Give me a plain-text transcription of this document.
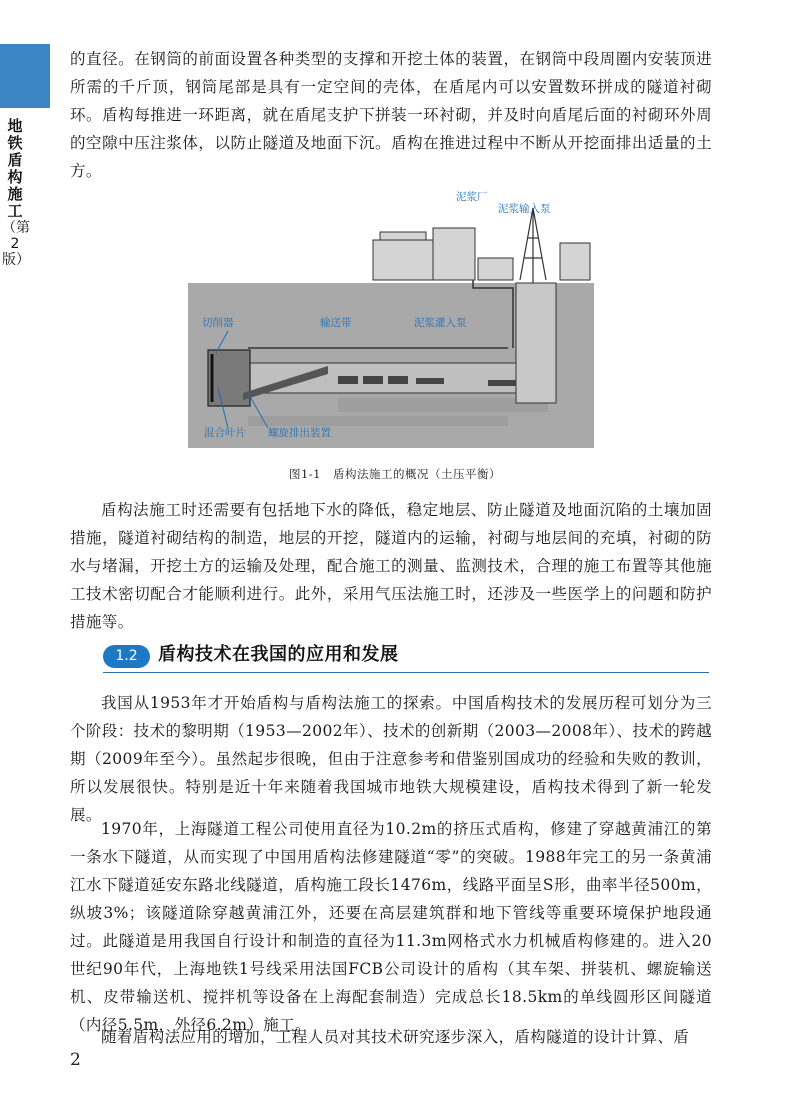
地铁盾构施工
（第2版）

的直径。在钢筒的前面设置各种类型的支撑和开挖土体的装置，在钢筒中段周圈内安装顶进所需的千斤顶，钢筒尾部是具有一定空间的壳体，在盾尾内可以安置数环拼成的隧道衬砌环。盾构每推进一环距离，就在盾尾支护下拼装一环衬砌，并及时向盾尾后面的衬砌环外周的空隙中压注浆体，以防止隧道及地面下沉。盾构在推进过程中不断从开挖面排出适量的土方。

泥浆厂
泥浆输入泵
切削器	输送带	泥浆灌入泵
混合叶片 螺旋排出装置
图1-1　盾构法施工的概况（土压平衡）

盾构法施工时还需要有包括地下水的降低，稳定地层、防止隧道及地面沉陷的土壤加固措施，隧道衬砌结构的制造，地层的开挖，隧道内的运输，衬砌与地层间的充填，衬砌的防水与堵漏，开挖土方的运输及处理，配合施工的测量、监测技术，合理的施工布置等其他施工技术密切配合才能顺利进行。此外，采用气压法施工时，还涉及一些医学上的问题和防护措施等。

1.2	盾构技术在我国的应用和发展

我国从1953年才开始盾构与盾构法施工的探索。中国盾构技术的发展历程可划分为三个阶段：技术的黎明期（1953—2002年）、技术的创新期（2003—2008年）、技术的跨越期（2009年至今）。虽然起步很晚，但由于注意参考和借鉴别国成功的经验和失败的教训，所以发展很快。特别是近十年来随着我国城市地铁大规模建设，盾构技术得到了新一轮发展。

1970年，上海隧道工程公司使用直径为10.2m的挤压式盾构，修建了穿越黄浦江的第一条水下隧道，从而实现了中国用盾构法修建隧道“零”的突破。1988年完工的另一条黄浦江水下隧道延安东路北线隧道，盾构施工段长1476m，线路平面呈S形，曲率半径500m，纵坡3%；该隧道除穿越黄浦江外，还要在高层建筑群和地下管线等重要环境保护地段通过。此隧道是用我国自行设计和制造的直径为11.3m网格式水力机械盾构修建的。进入20世纪90年代，上海地铁1号线采用法国FCB公司设计的盾构（其车架、拼装机、螺旋输送机、皮带输送机、搅拌机等设备在上海配套制造）完成总长18.5km的单线圆形区间隧道（内径5.5m，外径6.2m）施工。

随着盾构法应用的增加，工程人员对其技术研究逐步深入，盾构隧道的设计计算、盾

2
